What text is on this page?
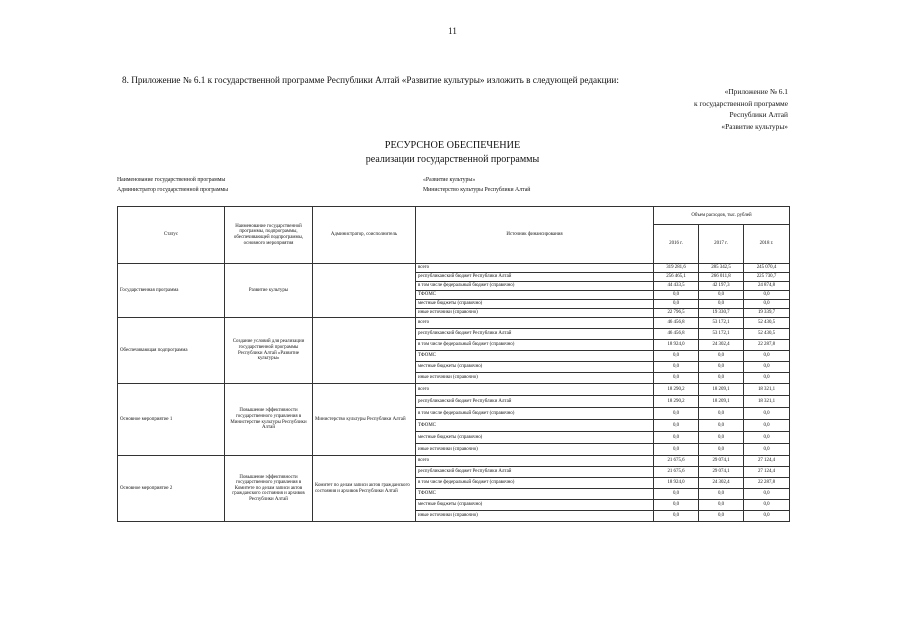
11
8. Приложение № 6.1 к государственной программе Республики Алтай «Развитие культуры» изложить в следующей редакции:
«Приложение № 6.1
к государственной программе
Республики Алтай
«Развитие культуры»
РЕСУРСНОЕ ОБЕСПЕЧЕНИЕ
реализации государственной программы
Наименование государственной программы	«Развитие культуры»
Администратор государственной программы	Министерство культуры Республики Алтай
Статус	Наименование государственной программы, подпрограммы, обеспечивающей подпрограммы, основного мероприятия	Администратор, соисполнитель	Источник финансирования	Объем расходов, тыс. рублей		
				2016 г.	2017 г.	2018 г.
Государственная программа	Развитие культуры		всего	319 281,6	285 342,5	245 070,4
			республиканский бюджет Республики Алтай	256 465,1	266 011,8	225 730,7
			в том числе федеральный бюджет (справочно)	44 433,5	42 197,3	24 874,8
			ТФОМС	0,0	0,0	0,0
			местные бюджеты (справочно)	0,0	0,0	0,0
			иные источники (справочно)	22 796,5	19 330,7	19 339,7
Обеспечивающая подпрограмма	Создание условий для реализации государственной программы Республики Алтай «Развитие культуры»		всего	46 456,8	53 172,1	52 430,5
			республиканский бюджет Республики Алтай	46 456,8	53 172,1	52 430,5
			в том числе федеральный бюджет (справочно)	18 924,0	24 302,4	22 287,8
			ТФОМС	0,0	0,0	0,0
			местные бюджеты (справочно)	0,0	0,0	0,0
			иные источники (справочно)	0,0	0,0	0,0
Основное мероприятие 1	Повышение эффективности государственного управления в Министерстве культуры Республики Алтай	Министерство культуры Республики Алтай	всего	18 290,2	18 209,1	18 321,1
			республиканский бюджет Республики Алтай	18 290,2	18 209,1	18 321,1
			в том числе федеральный бюджет (справочно)	0,0	0,0	0,0
			ТФОМС	0,0	0,0	0,0
			местные бюджеты (справочно)	0,0	0,0	0,0
			иные источники (справочно)	0,0	0,0	0,0
Основное мероприятие 2	Повышение эффективности государственного управления в Комитете по делам записи актов гражданского состояния и архивов Республики Алтай	Комитет по делам записи актов гражданского состояния и архивов Республики Алтай	всего	21 675,6	29 074,1	27 124,4
			республиканский бюджет Республики Алтай	21 675,6	29 074,1	27 124,4
			в том числе федеральный бюджет (справочно)	18 924,0	24 302,4	22 287,8
			ТФОМС	0,0	0,0	0,0
			местные бюджеты (справочно)	0,0	0,0	0,0
			иные источники (справочно)	0,0	0,0	0,0
